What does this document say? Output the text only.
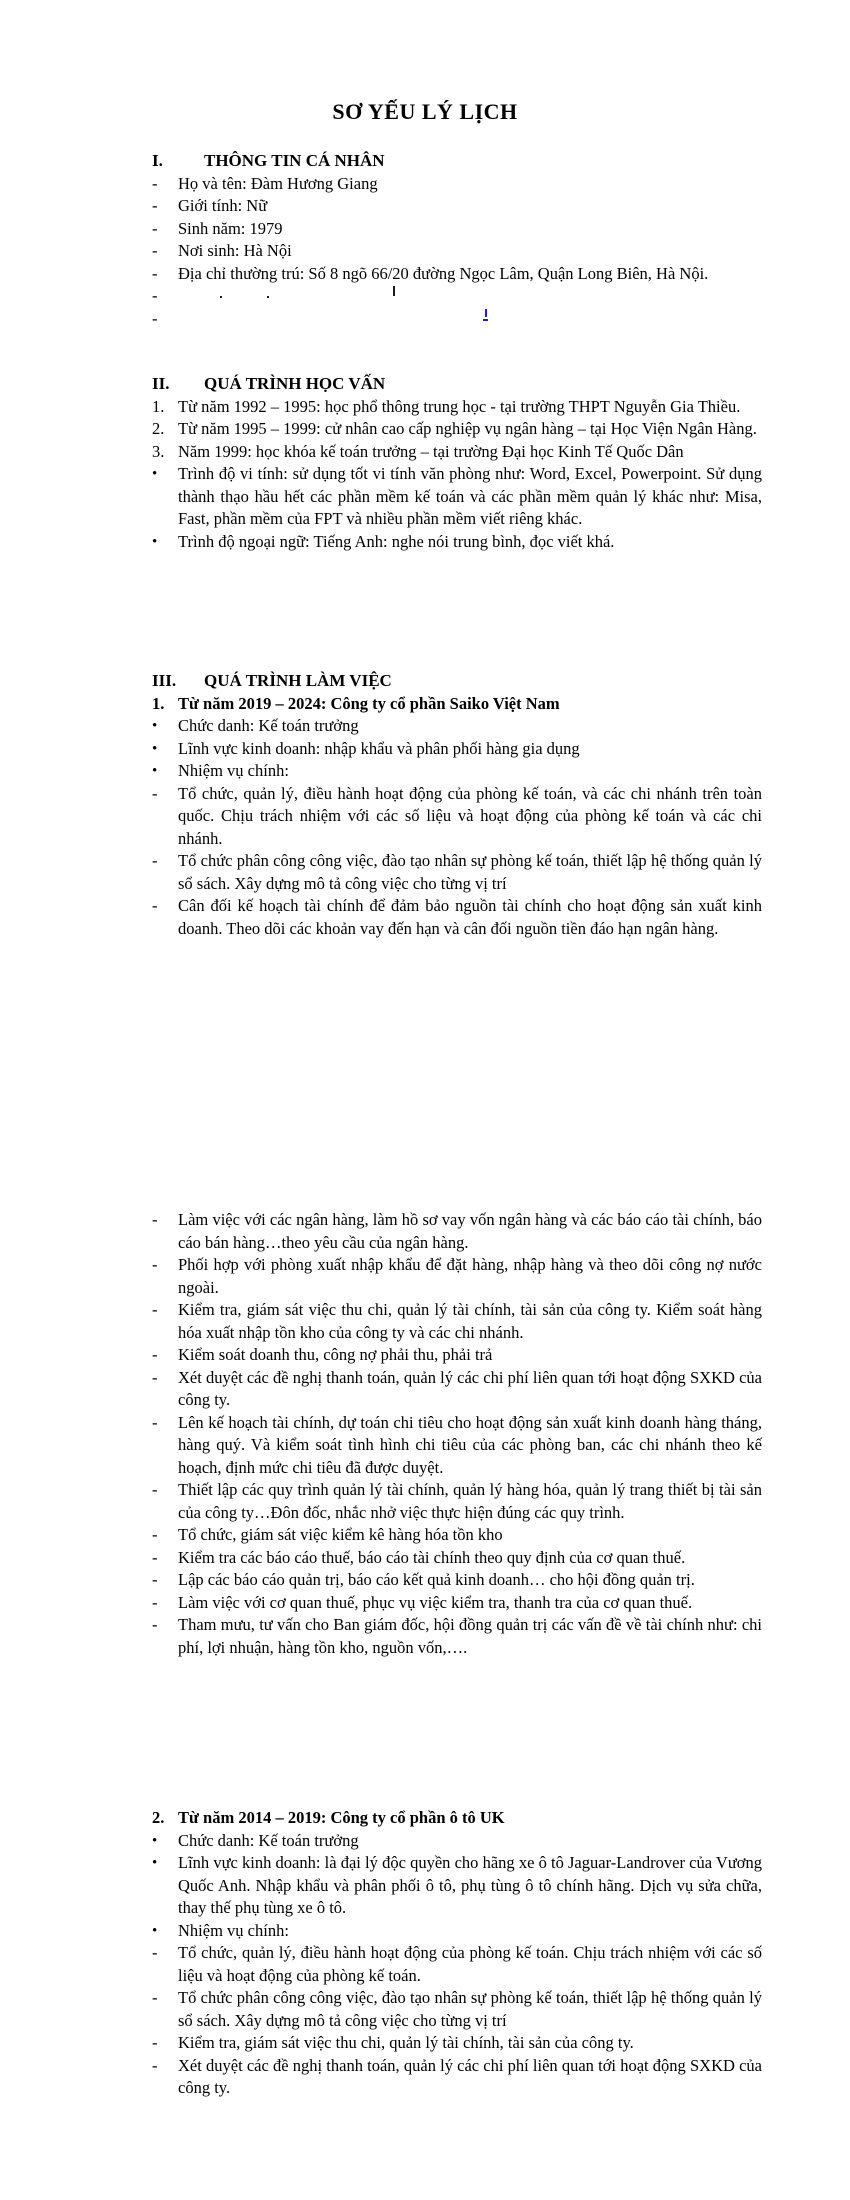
SƠ YẾU LÝ LỊCH
I.	THÔNG TIN CÁ NHÂN
-	Họ và tên: Đàm Hương Giang
-	Giới tính: Nữ
-	Sinh năm: 1979
-	Nơi sinh: Hà Nội
-	Địa chỉ thường trú: Số 8 ngõ 66/20 đường Ngọc Lâm, Quận Long Biên, Hà Nội.
-
-
II.	QUÁ TRÌNH HỌC VẤN
1. Từ năm 1992 – 1995: học phổ thông trung học - tại trường THPT Nguyễn Gia Thiều.
2. Từ năm 1995 – 1999: cử nhân cao cấp nghiệp vụ ngân hàng – tại Học Viện Ngân Hàng.
3. Năm 1999: học khóa kế toán trưởng – tại trường Đại học Kinh Tế Quốc Dân
•	Trình độ vi tính: sử dụng tốt vi tính văn phòng như: Word, Excel, Powerpoint. Sử dụng thành thạo hầu hết các phần mềm kế toán và các phần mềm quản lý khác như: Misa, Fast, phần mềm của FPT và nhiều phần mềm viết riêng khác.
•	Trình độ ngoại ngữ: Tiếng Anh: nghe nói trung bình, đọc viết khá.
III.	QUÁ TRÌNH LÀM VIỆC
1. Từ năm 2019 – 2024: Công ty cổ phần Saiko Việt Nam
•	Chức danh: Kế toán trưởng
•	Lĩnh vực kinh doanh: nhập khẩu và phân phối hàng gia dụng
•	Nhiệm vụ chính:
-	Tổ chức, quản lý, điều hành hoạt động của phòng kế toán, và các chi nhánh trên toàn quốc. Chịu trách nhiệm với các số liệu và hoạt động của phòng kế toán và các chi nhánh.
-	Tổ chức phân công công việc, đào tạo nhân sự phòng kế toán, thiết lập hệ thống quản lý sổ sách. Xây dựng mô tả công việc cho từng vị trí
-	Cân đối kế hoạch tài chính để đảm bảo nguồn tài chính cho hoạt động sản xuất kinh doanh. Theo dõi các khoản vay đến hạn và cân đối nguồn tiền đáo hạn ngân hàng.
-	Làm việc với các ngân hàng, làm hồ sơ vay vốn ngân hàng và các báo cáo tài chính, báo cáo bán hàng…theo yêu cầu của ngân hàng.
-	Phối hợp với phòng xuất nhập khẩu để đặt hàng, nhập hàng và theo dõi công nợ nước ngoài.
-	Kiểm tra, giám sát việc thu chi, quản lý tài chính, tài sản của công ty. Kiểm soát hàng hóa xuất nhập tồn kho của công ty và các chi nhánh.
-	Kiểm soát doanh thu, công nợ phải thu, phải trả
-	Xét duyệt các đề nghị thanh toán, quản lý các chi phí liên quan tới hoạt động SXKD của công ty.
-	Lên kế hoạch tài chính, dự toán chi tiêu cho hoạt động sản xuất kinh doanh hàng tháng, hàng quý. Và kiểm soát tình hình chi tiêu của các phòng ban, các chi nhánh theo kế hoạch, định mức chi tiêu đã được duyệt.
-	Thiết lập các quy trình quản lý tài chính, quản lý hàng hóa, quản lý trang thiết bị tài sản của công ty…Đôn đốc, nhắc nhở việc thực hiện đúng các quy trình.
-	Tổ chức, giám sát việc kiểm kê hàng hóa tồn kho
-	Kiểm tra các báo cáo thuế, báo cáo tài chính theo quy định của cơ quan thuế.
-	Lập các báo cáo quản trị, báo cáo kết quả kinh doanh… cho hội đồng quản trị.
-	Làm việc với cơ quan thuế, phục vụ việc kiểm tra, thanh tra của cơ quan thuế.
-	Tham mưu, tư vấn cho Ban giám đốc, hội đồng quản trị các vấn đề về tài chính như: chi phí, lợi nhuận, hàng tồn kho, nguồn vốn,….
2. Từ năm 2014 – 2019: Công ty cổ phần ô tô UK
•	Chức danh: Kế toán trưởng
•	Lĩnh vực kinh doanh: là đại lý độc quyền cho hãng xe ô tô Jaguar-Landrover của Vương Quốc Anh. Nhập khẩu và phân phối ô tô, phụ tùng ô tô chính hãng. Dịch vụ sửa chữa, thay thế phụ tùng xe ô tô.
•	Nhiệm vụ chính:
-	Tổ chức, quản lý, điều hành hoạt động của phòng kế toán. Chịu trách nhiệm với các số liệu và hoạt động của phòng kế toán.
-	Tổ chức phân công công việc, đào tạo nhân sự phòng kế toán, thiết lập hệ thống quản lý sổ sách. Xây dựng mô tả công việc cho từng vị trí
-	Kiểm tra, giám sát việc thu chi, quản lý tài chính, tài sản của công ty.
-	Xét duyệt các đề nghị thanh toán, quản lý các chi phí liên quan tới hoạt động SXKD của công ty.
